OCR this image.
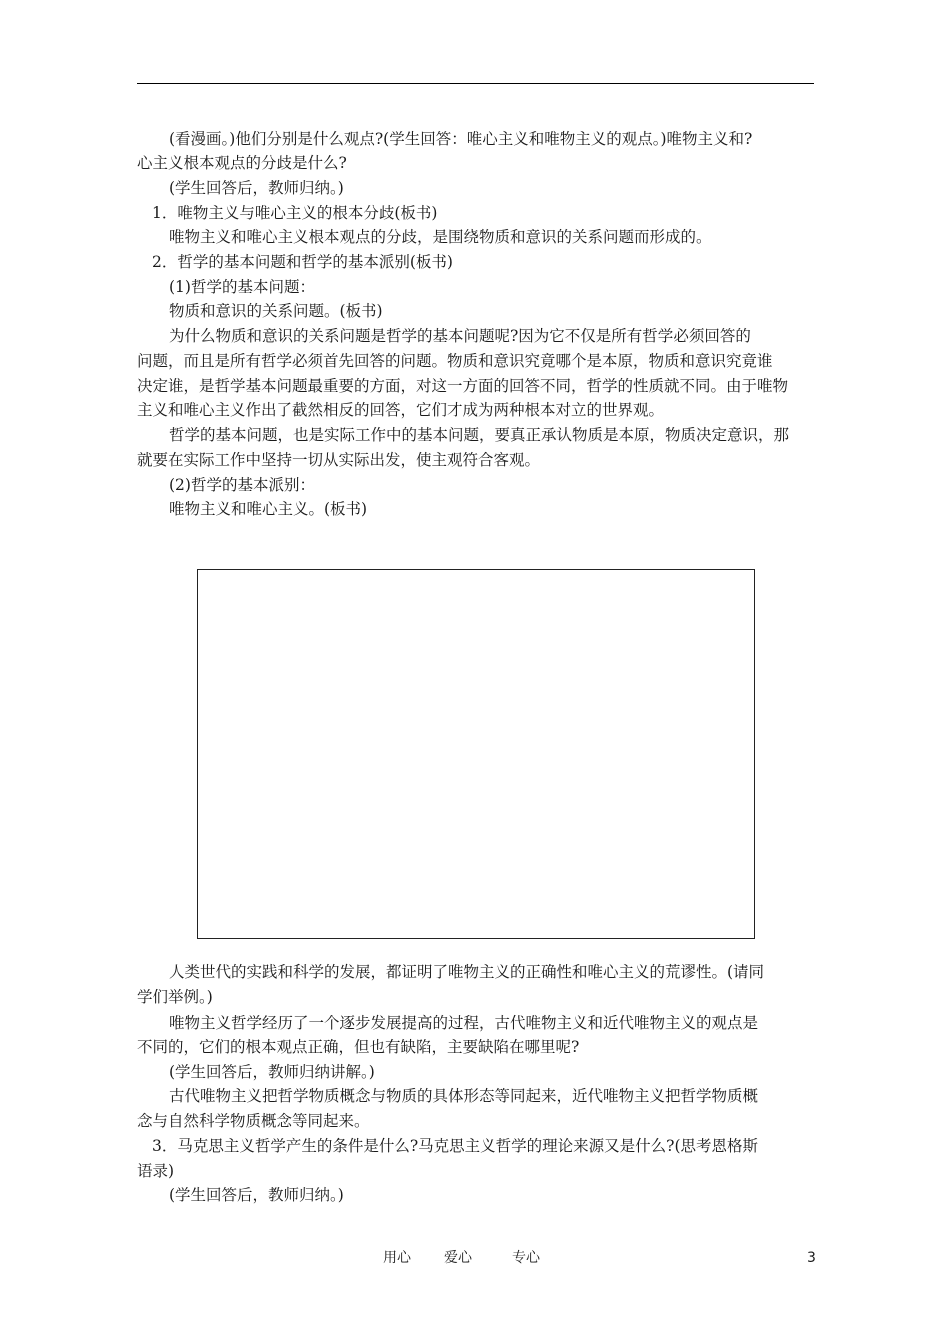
(看漫画。)他们分别是什么观点?(学生回答：唯心主义和唯物主义的观点。)唯物主义和?
心主义根本观点的分歧是什么?
(学生回答后，教师归纳。)
1．唯物主义与唯心主义的根本分歧(板书)
唯物主义和唯心主义根本观点的分歧，是围绕物质和意识的关系问题而形成的。
2．哲学的基本问题和哲学的基本派别(板书)
(1)哲学的基本问题：
物质和意识的关系问题。(板书)
为什么物质和意识的关系问题是哲学的基本问题呢?因为它不仅是所有哲学必须回答的
问题，而且是所有哲学必须首先回答的问题。物质和意识究竟哪个是本原，物质和意识究竟谁
决定谁，是哲学基本问题最重要的方面，对这一方面的回答不同，哲学的性质就不同。由于唯物
主义和唯心主义作出了截然相反的回答，它们才成为两种根本对立的世界观。
哲学的基本问题，也是实际工作中的基本问题，要真正承认物质是本原，物质决定意识，那
就要在实际工作中坚持一切从实际出发，使主观符合客观。
(2)哲学的基本派别：
唯物主义和唯心主义。(板书)
人类世代的实践和科学的发展，都证明了唯物主义的正确性和唯心主义的荒谬性。(请同
学们举例。)
唯物主义哲学经历了一个逐步发展提高的过程，古代唯物主义和近代唯物主义的观点是
不同的，它们的根本观点正确，但也有缺陷，主要缺陷在哪里呢?
(学生回答后，教师归纳讲解。)
古代唯物主义把哲学物质概念与物质的具体形态等同起来，近代唯物主义把哲学物质概
念与自然科学物质概念等同起来。
3．马克思主义哲学产生的条件是什么?马克思主义哲学的理论来源又是什么?(思考恩格斯
语录)
(学生回答后，教师归纳。)
用心 爱心	专心	3
